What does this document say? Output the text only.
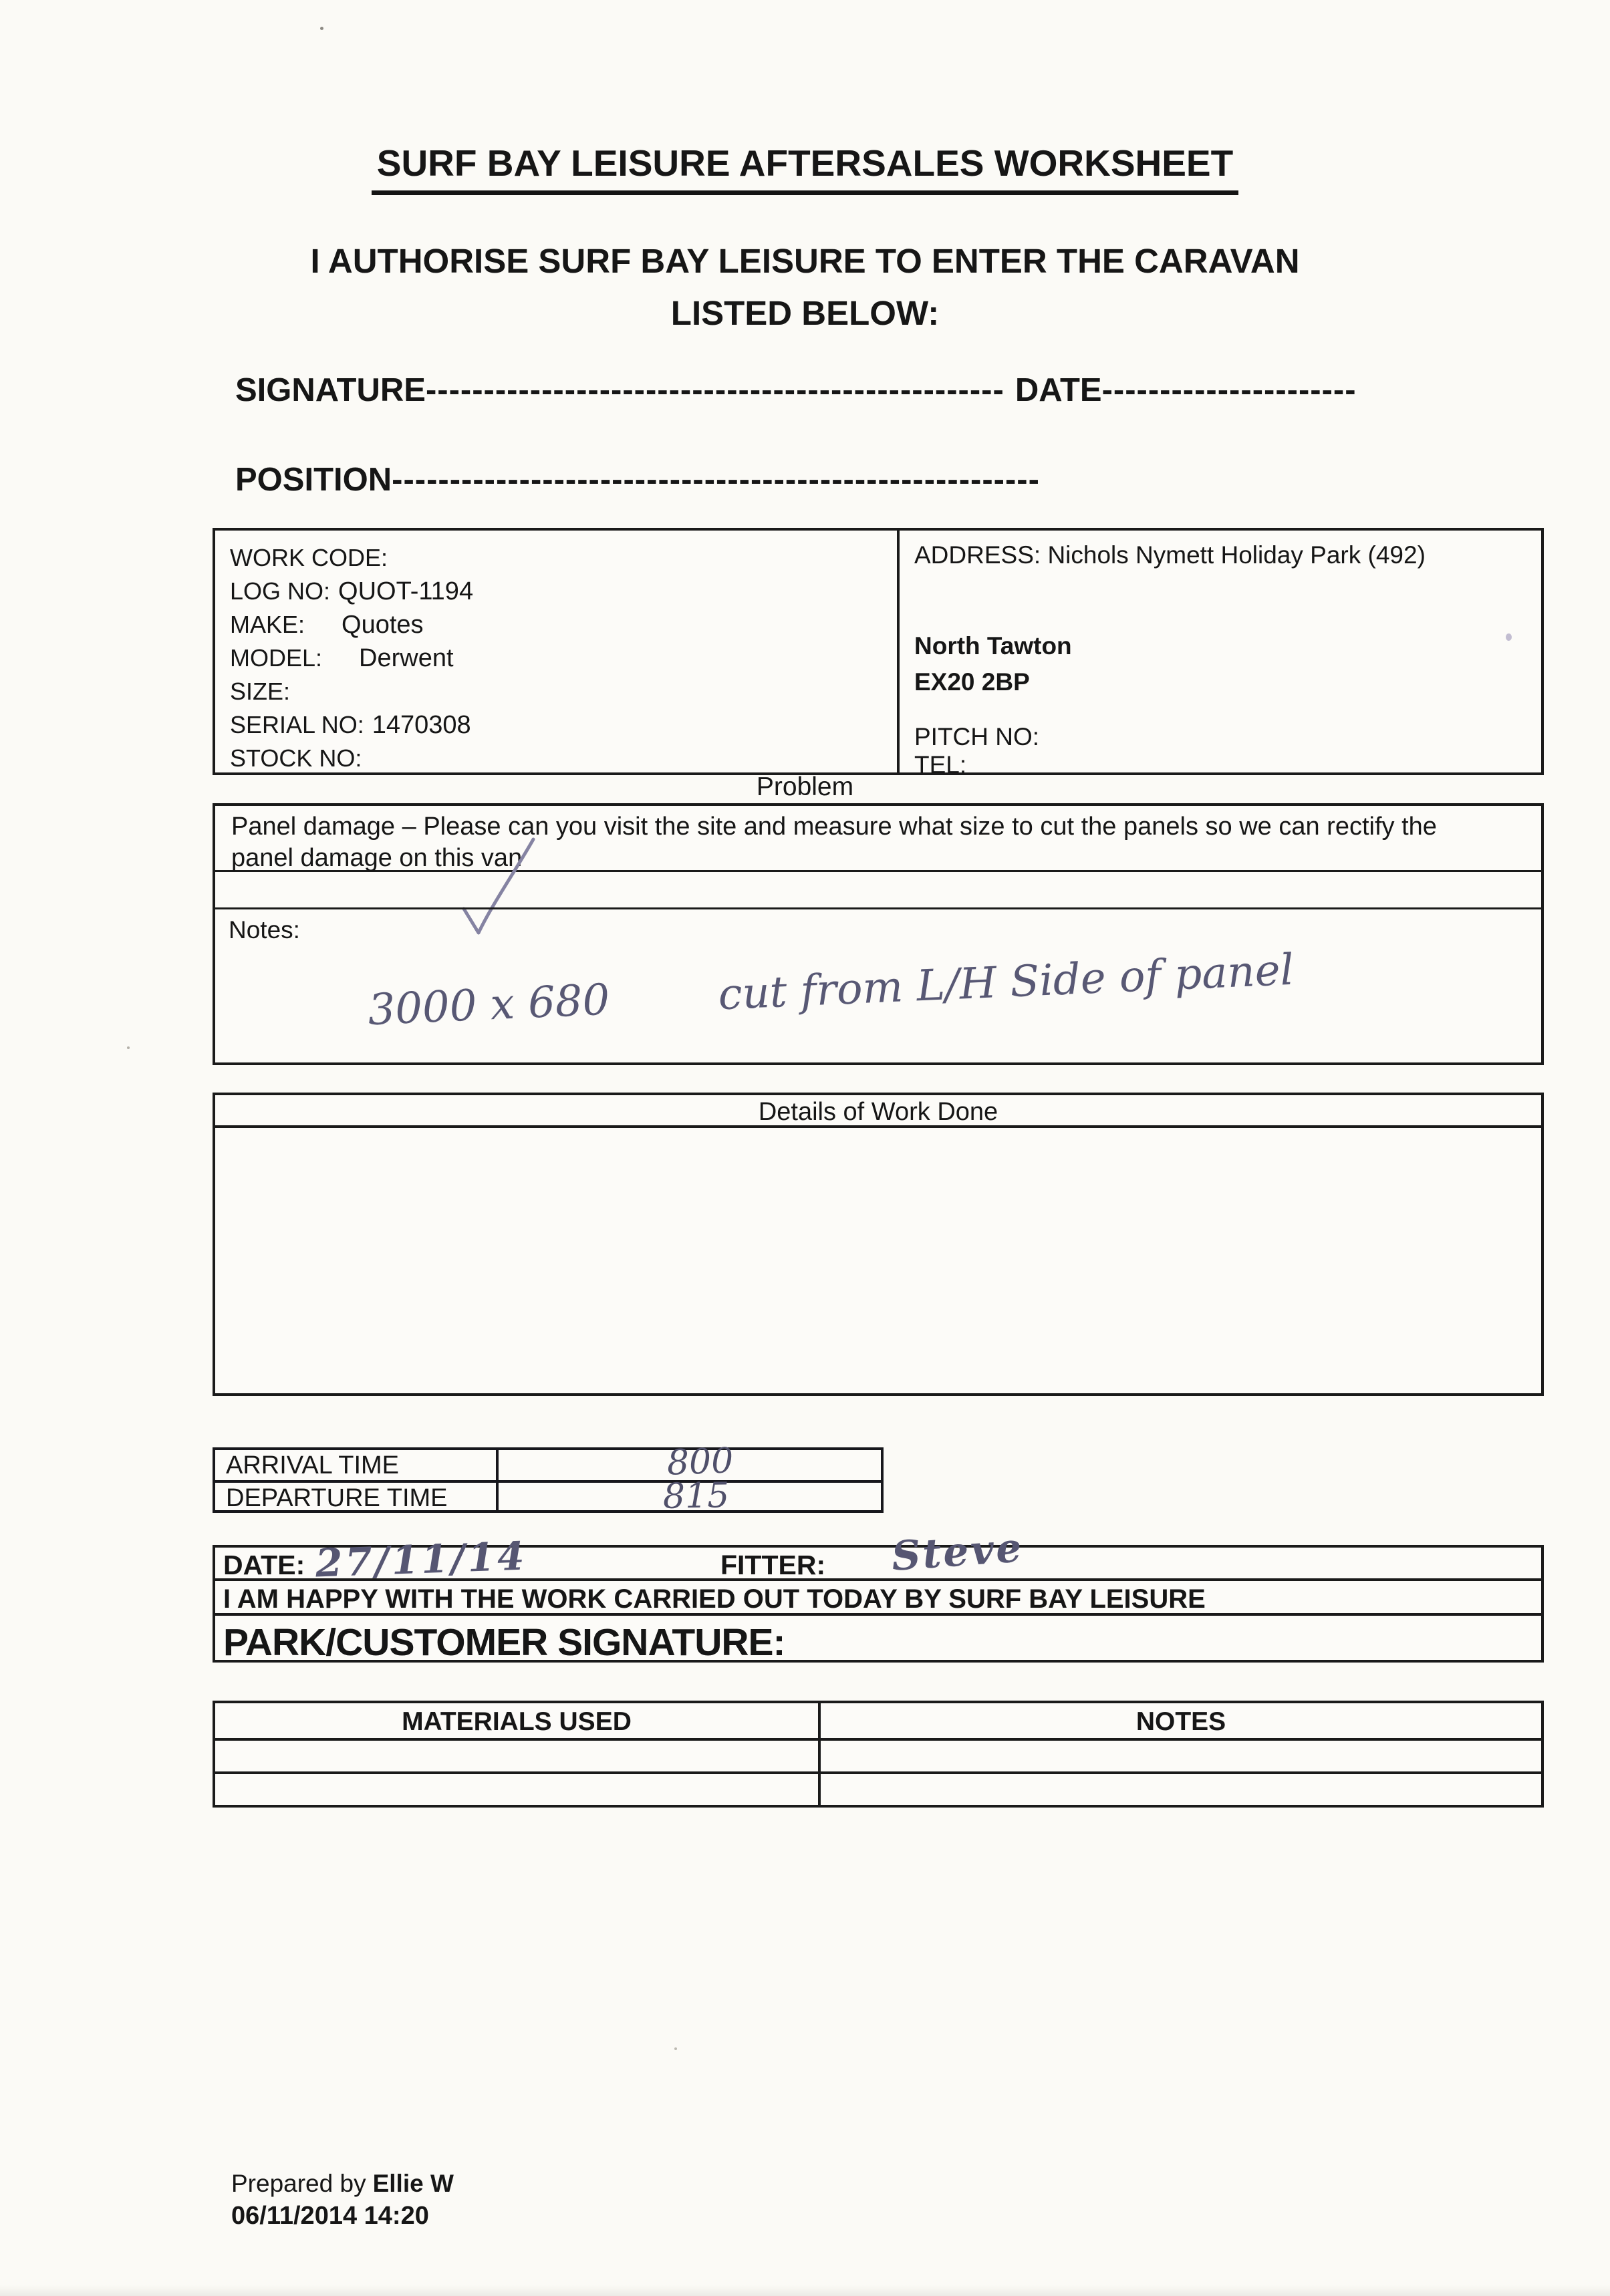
SURF BAY LEISURE AFTERSALES WORKSHEET
I AUTHORISE SURF BAY LEISURE TO ENTER THE CARAVAN
LISTED BELOW:
SIGNATURE-------------------------------------------------- DATE----------------------
POSITION--------------------------------------------------------
WORK CODE:
LOG NO: QUOT-1194
MAKE: Quotes
MODEL: Derwent
SIZE:
SERIAL NO: 1470308
STOCK NO:
ADDRESS: Nichols Nymett Holiday Park (492)
North Tawton
EX20 2BP
PITCH NO:
TEL:
Problem

Panel damage – Please can you visit the site and measure what size to cut the panels so we can rectify the panel damage on this van

Notes:
3000 x 680        cut from L/H Side of panel
Details of Work Done
ARRIVAL TIME	800
DEPARTURE TIME	815
DATE: 27/11/14	FITTER: Steve
I AM HAPPY WITH THE WORK CARRIED OUT TODAY BY SURF BAY LEISURE
PARK/CUSTOMER SIGNATURE:
MATERIALS USED	NOTES
Prepared by Ellie W
06/11/2014 14:20
